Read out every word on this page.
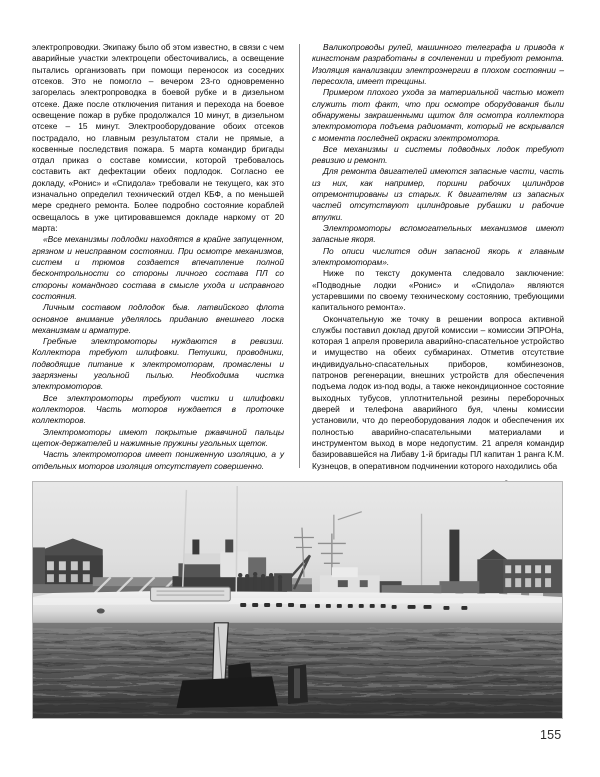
электропроводки. Экипажу было об этом известно, в связи с чем аварийные участки электроцепи обесточивались, а освещение пытались организовать при помощи переносок из соседних отсеков. Это не помогло – вечером 23-го одновременно загорелась электропроводка в боевой рубке и в дизельном отсеке. Даже после отключения питания и перехода на боевое освещение пожар в рубке продолжался 10 минут, в дизельном отсеке – 15 минут. Электрооборудование обоих отсеков пострадало, но главным результатом стали не прямые, а косвенные последствия пожара. 5 марта командир бригады отдал приказ о составе комиссии, которой требовалось составить акт дефектации обеих подлодок. Согласно ее докладу, «Ронис» и «Спидола» требовали не текущего, как это изначально определил технический отдел КБФ, а по меньшей мере среднего ремонта. Более подробно состояние кораблей освещалось в уже цитировавшемся докладе наркому от 20 марта:

«Все механизмы подлодки находятся в крайне запущенном, грязном и неисправном состоянии. При осмотре механизмов, систем и трюмов создается впечатление полной бесконтрольности со стороны личного состава ПЛ со стороны командного состава в смысле ухода и исправного состояния.

Личным составом подлодок быв. латвийского флота основное внимание уделялось приданию внешнего лоска механизмам и арматуре.

Гребные электромоторы нуждаются в ревизии. Коллектора требуют шлифовки. Петушки, проводники, подводящие питание к электромоторам, промаслены и загрязнены угольной пылью. Необходима чистка электромоторов.

Все электромоторы требуют чистки и шлифовки коллекторов. Часть моторов нуждается в проточке коллекторов.

Электромоторы имеют покрытые ржавчиной пальцы щеток-держателей и нажимные пружины угольных щеток.

Часть электромоторов имеет пониженную изоляцию, а у отдельных моторов изоляция отсутствует совершенно.

Валикопроводы рулей, машинного телеграфа и привода к кингстонам разработаны в сочленении и требуют ремонта. Изоляция канализации электроэнергии в плохом состоянии – пересохла, имеет трещины.

Примером плохого ухода за материальной частью может служить тот факт, что при осмотре оборудования были обнаружены закрашенными щиток для осмотра коллектора электромотора подъема радиомачт, который не вскрывался с момента последней окраски электромотора.

Все механизмы и системы подводных лодок требуют ревизию и ремонт.

Для ремонта двигателей имеются запасные части, часть из них, как например, поршни рабочих цилиндров отремонтированы из старых. К двигателям из запасных частей отсутствуют цилиндровые рубашки и рабочие втулки.

Электромоторы вспомогательных механизмов имеют запасные якоря.

По описи числится один запасной якорь к главным электромоторам».

Ниже по тексту документа следовало заключение: «Подводные лодки «Ронис» и «Спидола» являются устаревшими по своему техническому состоянию, требующими капитального ремонта».

Окончательную же точку в решении вопроса активной службы поставил доклад другой комиссии – комиссии ЭПРОНа, которая 1 апреля проверила аварийно-спасательное устройство и имущество на обеих субмаринах. Отметив отсутствие индивидуально-спасательных приборов, комбинезонов, патронов регенерации, внешних устройств для обеспечения подъема лодок из-под воды, а также некондиционное состояние выходных тубусов, уплотнительной резины переборочных дверей и телефона аварийного буя, члены комиссии установили, что до переоборудования лодок и обеспечения их полностью аварийно-спасательными материалами и инструментом выход в море недопустим. 21 апреля командир базировавшейся на Либаву 1-й бригады ПЛ капитан 1 ранга К.М. Кузнецов, в оперативном подчинении которого находились оба

155
